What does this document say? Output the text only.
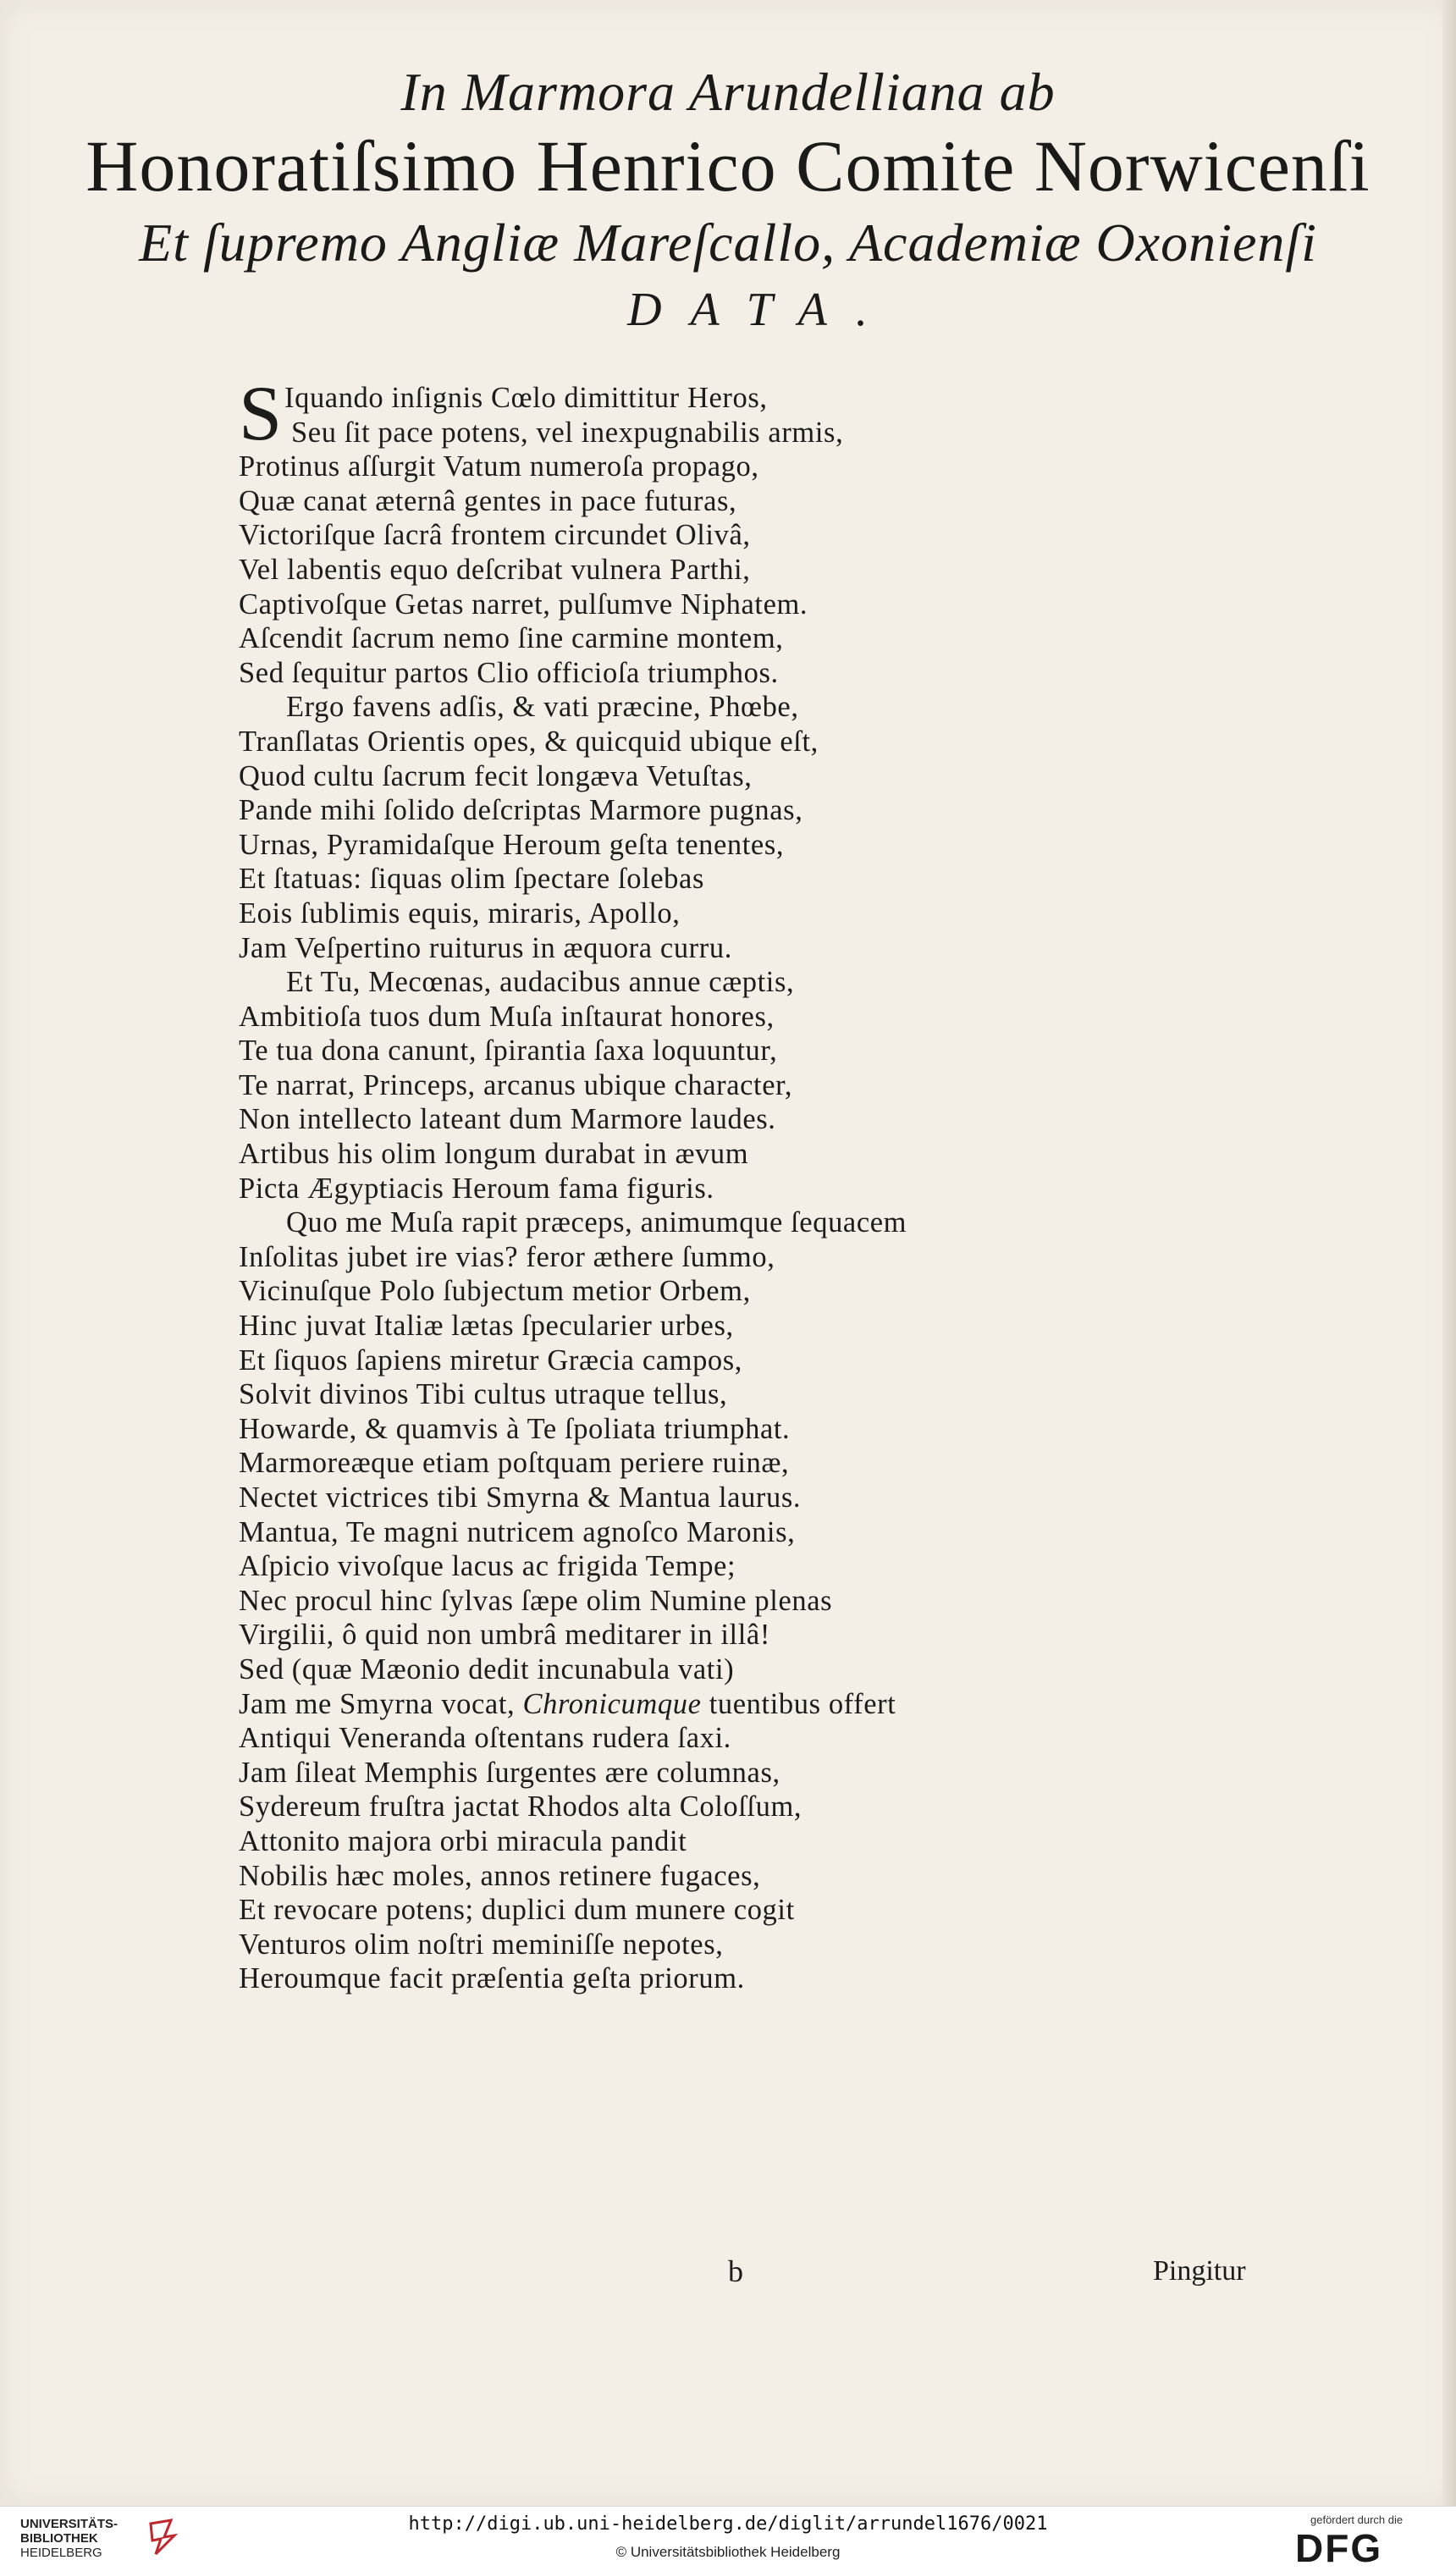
In Marmora Arundelliana ab
Honoratiſsimo Henrico Comite Norwicenſi
Et ſupremo Angliæ Mareſcallo, Academiæ Oxonienſi
DATA.
SIquando inſignis Cœlo dimittitur Heros,
Seu ſit pace potens, vel inexpugnabilis armis,
Protinus aſſurgit Vatum numeroſa propago,
Quæ canat æternâ gentes in pace futuras,
Victoriſque ſacrâ frontem circundet Olivâ,
Vel labentis equo deſcribat vulnera Parthi,
Captivoſque Getas narret, pulſumve Niphatem.
Aſcendit ſacrum nemo ſine carmine montem,
Sed ſequitur partos Clio officioſa triumphos.
Ergo favens adſis, & vati præcine, Phœbe,
Tranſlatas Orientis opes, & quicquid ubique eſt,
Quod cultu ſacrum fecit longæva Vetuſtas,
Pande mihi ſolido deſcriptas Marmore pugnas,
Urnas, Pyramidaſque Heroum geſta tenentes,
Et ſtatuas: ſiquas olim ſpectare ſolebas
Eois ſublimis equis, miraris, Apollo,
Jam Veſpertino ruiturus in æquora curru.
Et Tu, Mecœnas, audacibus annue cæptis,
Ambitioſa tuos dum Muſa inſtaurat honores,
Te tua dona canunt, ſpirantia ſaxa loquuntur,
Te narrat, Princeps, arcanus ubique character,
Non intellecto lateant dum Marmore laudes.
Artibus his olim longum durabat in ævum
Picta Ægyptiacis Heroum fama figuris.
Quo me Muſa rapit præceps, animumque ſequacem
Inſolitas jubet ire vias? feror æthere ſummo,
Vicinuſque Polo ſubjectum metior Orbem,
Hinc juvat Italiæ lætas ſpecularier urbes,
Et ſiquos ſapiens miretur Græcia campos,
Solvit divinos Tibi cultus utraque tellus,
Howarde, & quamvis à Te ſpoliata triumphat.
Marmoreæque etiam poſtquam periere ruinæ,
Nectet victrices tibi Smyrna & Mantua laurus.
Mantua, Te magni nutricem agnoſco Maronis,
Aſpicio vivoſque lacus ac frigida Tempe;
Nec procul hinc ſylvas ſæpe olim Numine plenas
Virgilii, ô quid non umbrâ meditarer in illâ!
Sed (quæ Mæonio dedit incunabula vati)
Jam me Smyrna vocat, Chronicumque tuentibus offert
Antiqui Veneranda oſtentans rudera ſaxi.
Jam ſileat Memphis ſurgentes ære columnas,
Sydereum fruſtra jactat Rhodos alta Coloſſum,
Attonito majora orbi miracula pandit
Nobilis hæc moles, annos retinere fugaces,
Et revocare potens; duplici dum munere cogit
Venturos olim noſtri meminiſſe nepotes,
Heroumque facit præſentia geſta priorum.
b	Pingitur
UNIVERSITÄTS-
BIBLIOTHEK
HEIDELBERG
http://digi.ub.uni-heidelberg.de/diglit/arrundel1676/0021
© Universitätsbibliothek Heidelberg
gefördert durch die
DFG
